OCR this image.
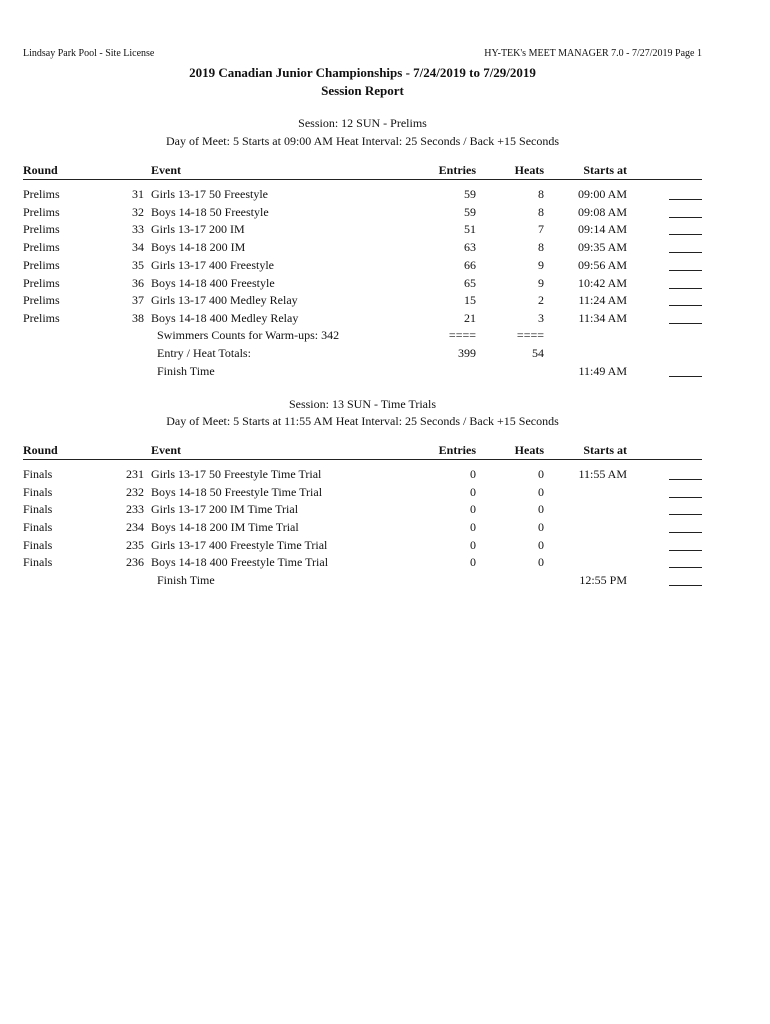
Lindsay Park Pool - Site License	HY-TEK's MEET MANAGER 7.0 - 7/27/2019 Page 1
2019 Canadian Junior Championships - 7/24/2019 to 7/29/2019
Session Report
Session: 12 SUN - Prelims
Day of Meet: 5 Starts at 09:00 AM Heat Interval: 25 Seconds / Back +15 Seconds
Round	Event	Entries	Heats	Starts at
Prelims	31 Girls 13-17 50 Freestyle	59	8	09:00 AM
Prelims	32 Boys 14-18 50 Freestyle	59	8	09:08 AM
Prelims	33 Girls 13-17 200 IM	51	7	09:14 AM
Prelims	34 Boys 14-18 200 IM	63	8	09:35 AM
Prelims	35 Girls 13-17 400 Freestyle	66	9	09:56 AM
Prelims	36 Boys 14-18 400 Freestyle	65	9	10:42 AM
Prelims	37 Girls 13-17 400 Medley Relay	15	2	11:24 AM
Prelims	38 Boys 14-18 400 Medley Relay	21	3	11:34 AM
Swimmers Counts for Warm-ups: 342	====	====
Entry / Heat Totals:	399	54
Finish Time	11:49 AM
Session: 13 SUN - Time Trials
Day of Meet: 5 Starts at 11:55 AM Heat Interval: 25 Seconds / Back +15 Seconds
Round	Event	Entries	Heats	Starts at
Finals	231 Girls 13-17 50 Freestyle Time Trial	0	0	11:55 AM
Finals	232 Boys 14-18 50 Freestyle Time Trial	0	0
Finals	233 Girls 13-17 200 IM Time Trial	0	0
Finals	234 Boys 14-18 200 IM Time Trial	0	0
Finals	235 Girls 13-17 400 Freestyle Time Trial	0	0
Finals	236 Boys 14-18 400 Freestyle Time Trial	0	0
Finish Time	12:55 PM
